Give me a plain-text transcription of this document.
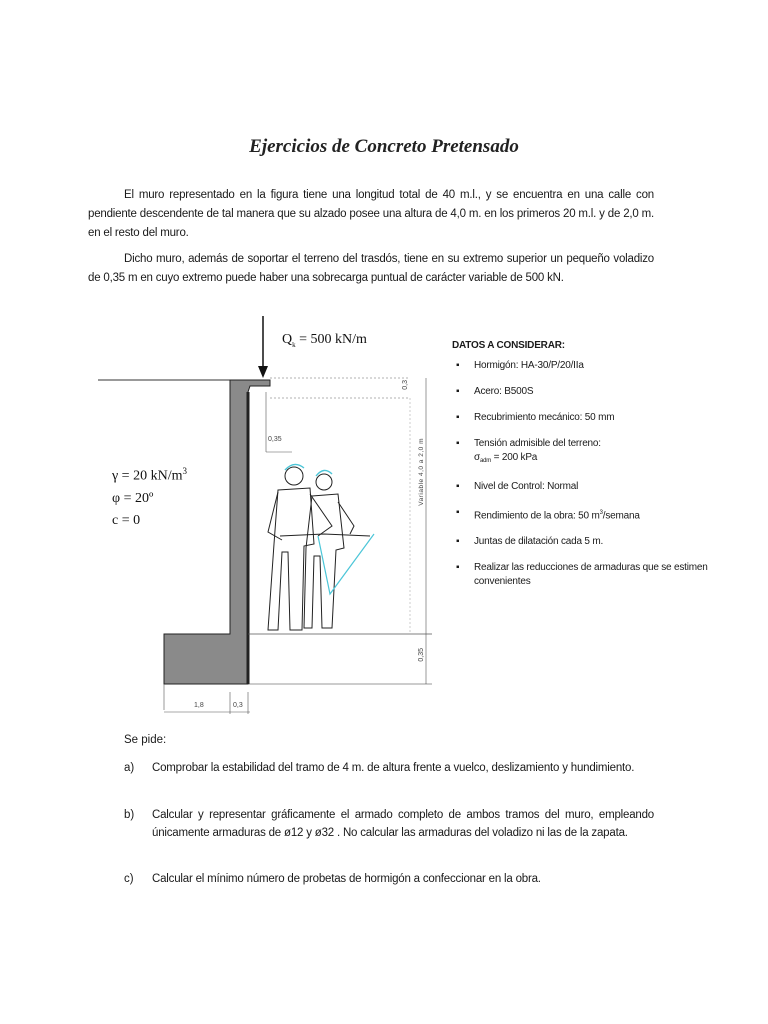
Ejercicios de Concreto Pretensado
El muro representado en la figura tiene una longitud total de 40 m.l., y se encuentra en una calle con pendiente descendente de tal manera que su alzado posee una altura de 4,0 m. en los primeros 20 m.l. y de 2,0 m. en el resto del muro.
Dicho muro, además de soportar el terreno del trasdós, tiene en su extremo superior un pequeño voladizo de 0,35 m en cuyo extremo puede haber una sobrecarga puntual de carácter variable de 500 kN.
$Q_k = 500$ kN/m
γ = 20 $kN/m^3$
φ = 20º
c = 0
0,3
0,35	Variable 4,0 a 2,0 m
0,35
1,8	0,3
DATOS A CONSIDERAR:
▪ Hormigón: HA-30/P/20/IIa
▪ Acero: B500S
▪ Recubrimiento mecánico: 50 mm
▪ Tensión admisible del terreno:
$\sigma_{adm} = 200$ kPa
▪ Nivel de Control: Normal
▪ Rendimiento de la obra: 50 $m^3$/semana
▪ Juntas de dilatación cada 5 m.
▪ Realizar las reducciones de armaduras que se estimen convenientes
Se pide:
a) Comprobar la estabilidad del tramo de 4 m. de altura frente a vuelco, deslizamiento y hundimiento.
b) Calcular y representar gráficamente el armado completo de ambos tramos del muro, empleando únicamente armaduras de ø12 y ø32 . No calcular las armaduras del voladizo ni las de la zapata.
c) Calcular el mínimo número de probetas de hormigón a confeccionar en la obra.
